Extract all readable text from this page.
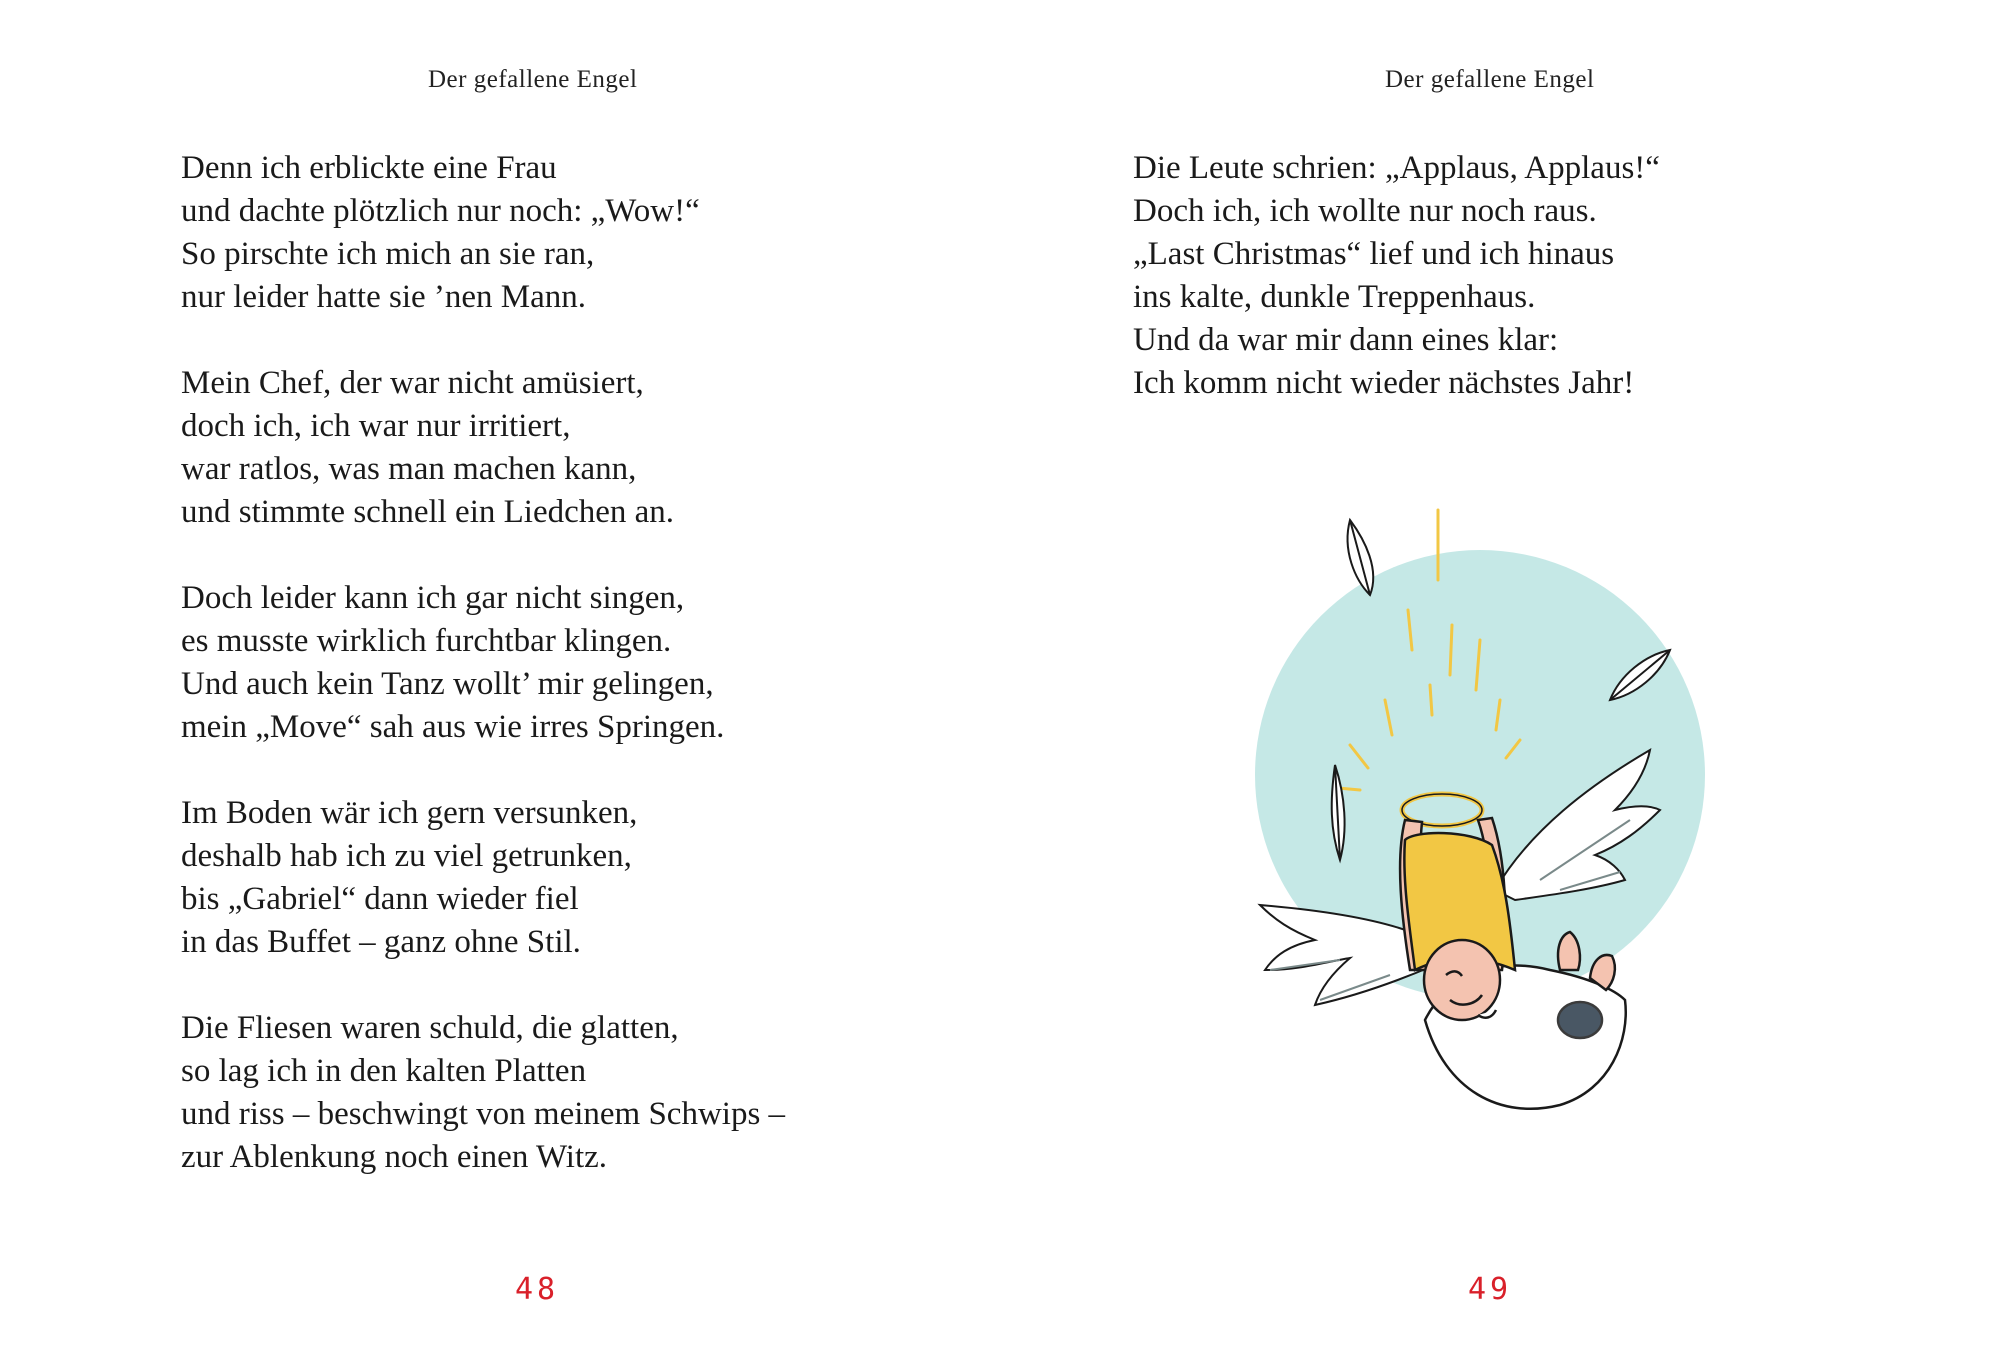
Der gefallene Engel
Denn ich erblickte eine Frau
und dachte plötzlich nur noch: „Wow!“
So pirschte ich mich an sie ran,
nur leider hatte sie ’nen Mann.
Mein Chef, der war nicht amüsiert,
doch ich, ich war nur irritiert,
war ratlos, was man machen kann,
und stimmte schnell ein Liedchen an.
Doch leider kann ich gar nicht singen,
es musste wirklich furchtbar klingen.
Und auch kein Tanz wollt’ mir gelingen,
mein „Move“ sah aus wie irres Springen.
Im Boden wär ich gern versunken,
deshalb hab ich zu viel getrunken,
bis „Gabriel“ dann wieder fiel
in das Buffet – ganz ohne Stil.
Die Fliesen waren schuld, die glatten,
so lag ich in den kalten Platten
und riss – beschwingt von meinem Schwips –
zur Ablenkung noch einen Witz.
48
Der gefallene Engel
Die Leute schrien: „Applaus, Applaus!“
Doch ich, ich wollte nur noch raus.
„Last Christmas“ lief und ich hinaus
ins kalte, dunkle Treppenhaus.
Und da war mir dann eines klar:
Ich komm nicht wieder nächstes Jahr!
49
